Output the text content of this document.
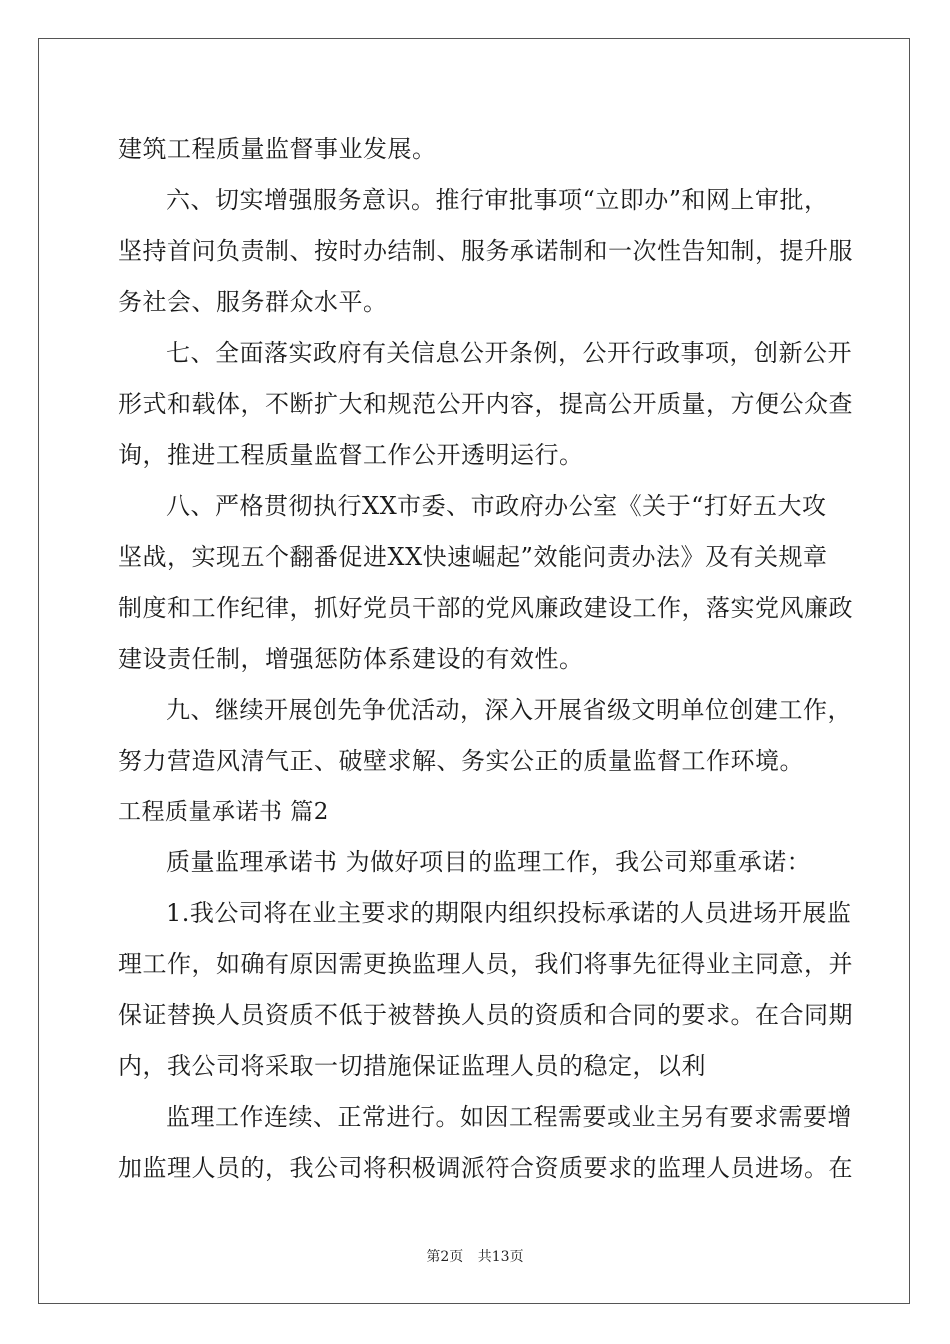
建筑工程质量监督事业发展。
六、切实增强服务意识。推行审批事项“立即办”和网上审批，
坚持首问负责制、按时办结制、服务承诺制和一次性告知制，提升服
务社会、服务群众水平。
七、全面落实政府有关信息公开条例，公开行政事项，创新公开
形式和载体，不断扩大和规范公开内容，提高公开质量，方便公众查
询，推进工程质量监督工作公开透明运行。
八、严格贯彻执行XX市委、市政府办公室《关于“打好五大攻
坚战，实现五个翻番促进XX快速崛起”效能问责办法》及有关规章
制度和工作纪律，抓好党员干部的党风廉政建设工作，落实党风廉政
建设责任制，增强惩防体系建设的有效性。
九、继续开展创先争优活动，深入开展省级文明单位创建工作，
努力营造风清气正、破壁求解、务实公正的质量监督工作环境。
工程质量承诺书 篇2
质量监理承诺书 为做好项目的监理工作，我公司郑重承诺：
1.我公司将在业主要求的期限内组织投标承诺的人员进场开展监
理工作，如确有原因需更换监理人员，我们将事先征得业主同意，并
保证替换人员资质不低于被替换人员的资质和合同的要求。在合同期
内，我公司将采取一切措施保证监理人员的稳定，以利
监理工作连续、正常进行。如因工程需要或业主另有要求需要增
加监理人员的，我公司将积极调派符合资质要求的监理人员进场。在
第2页 共13页
